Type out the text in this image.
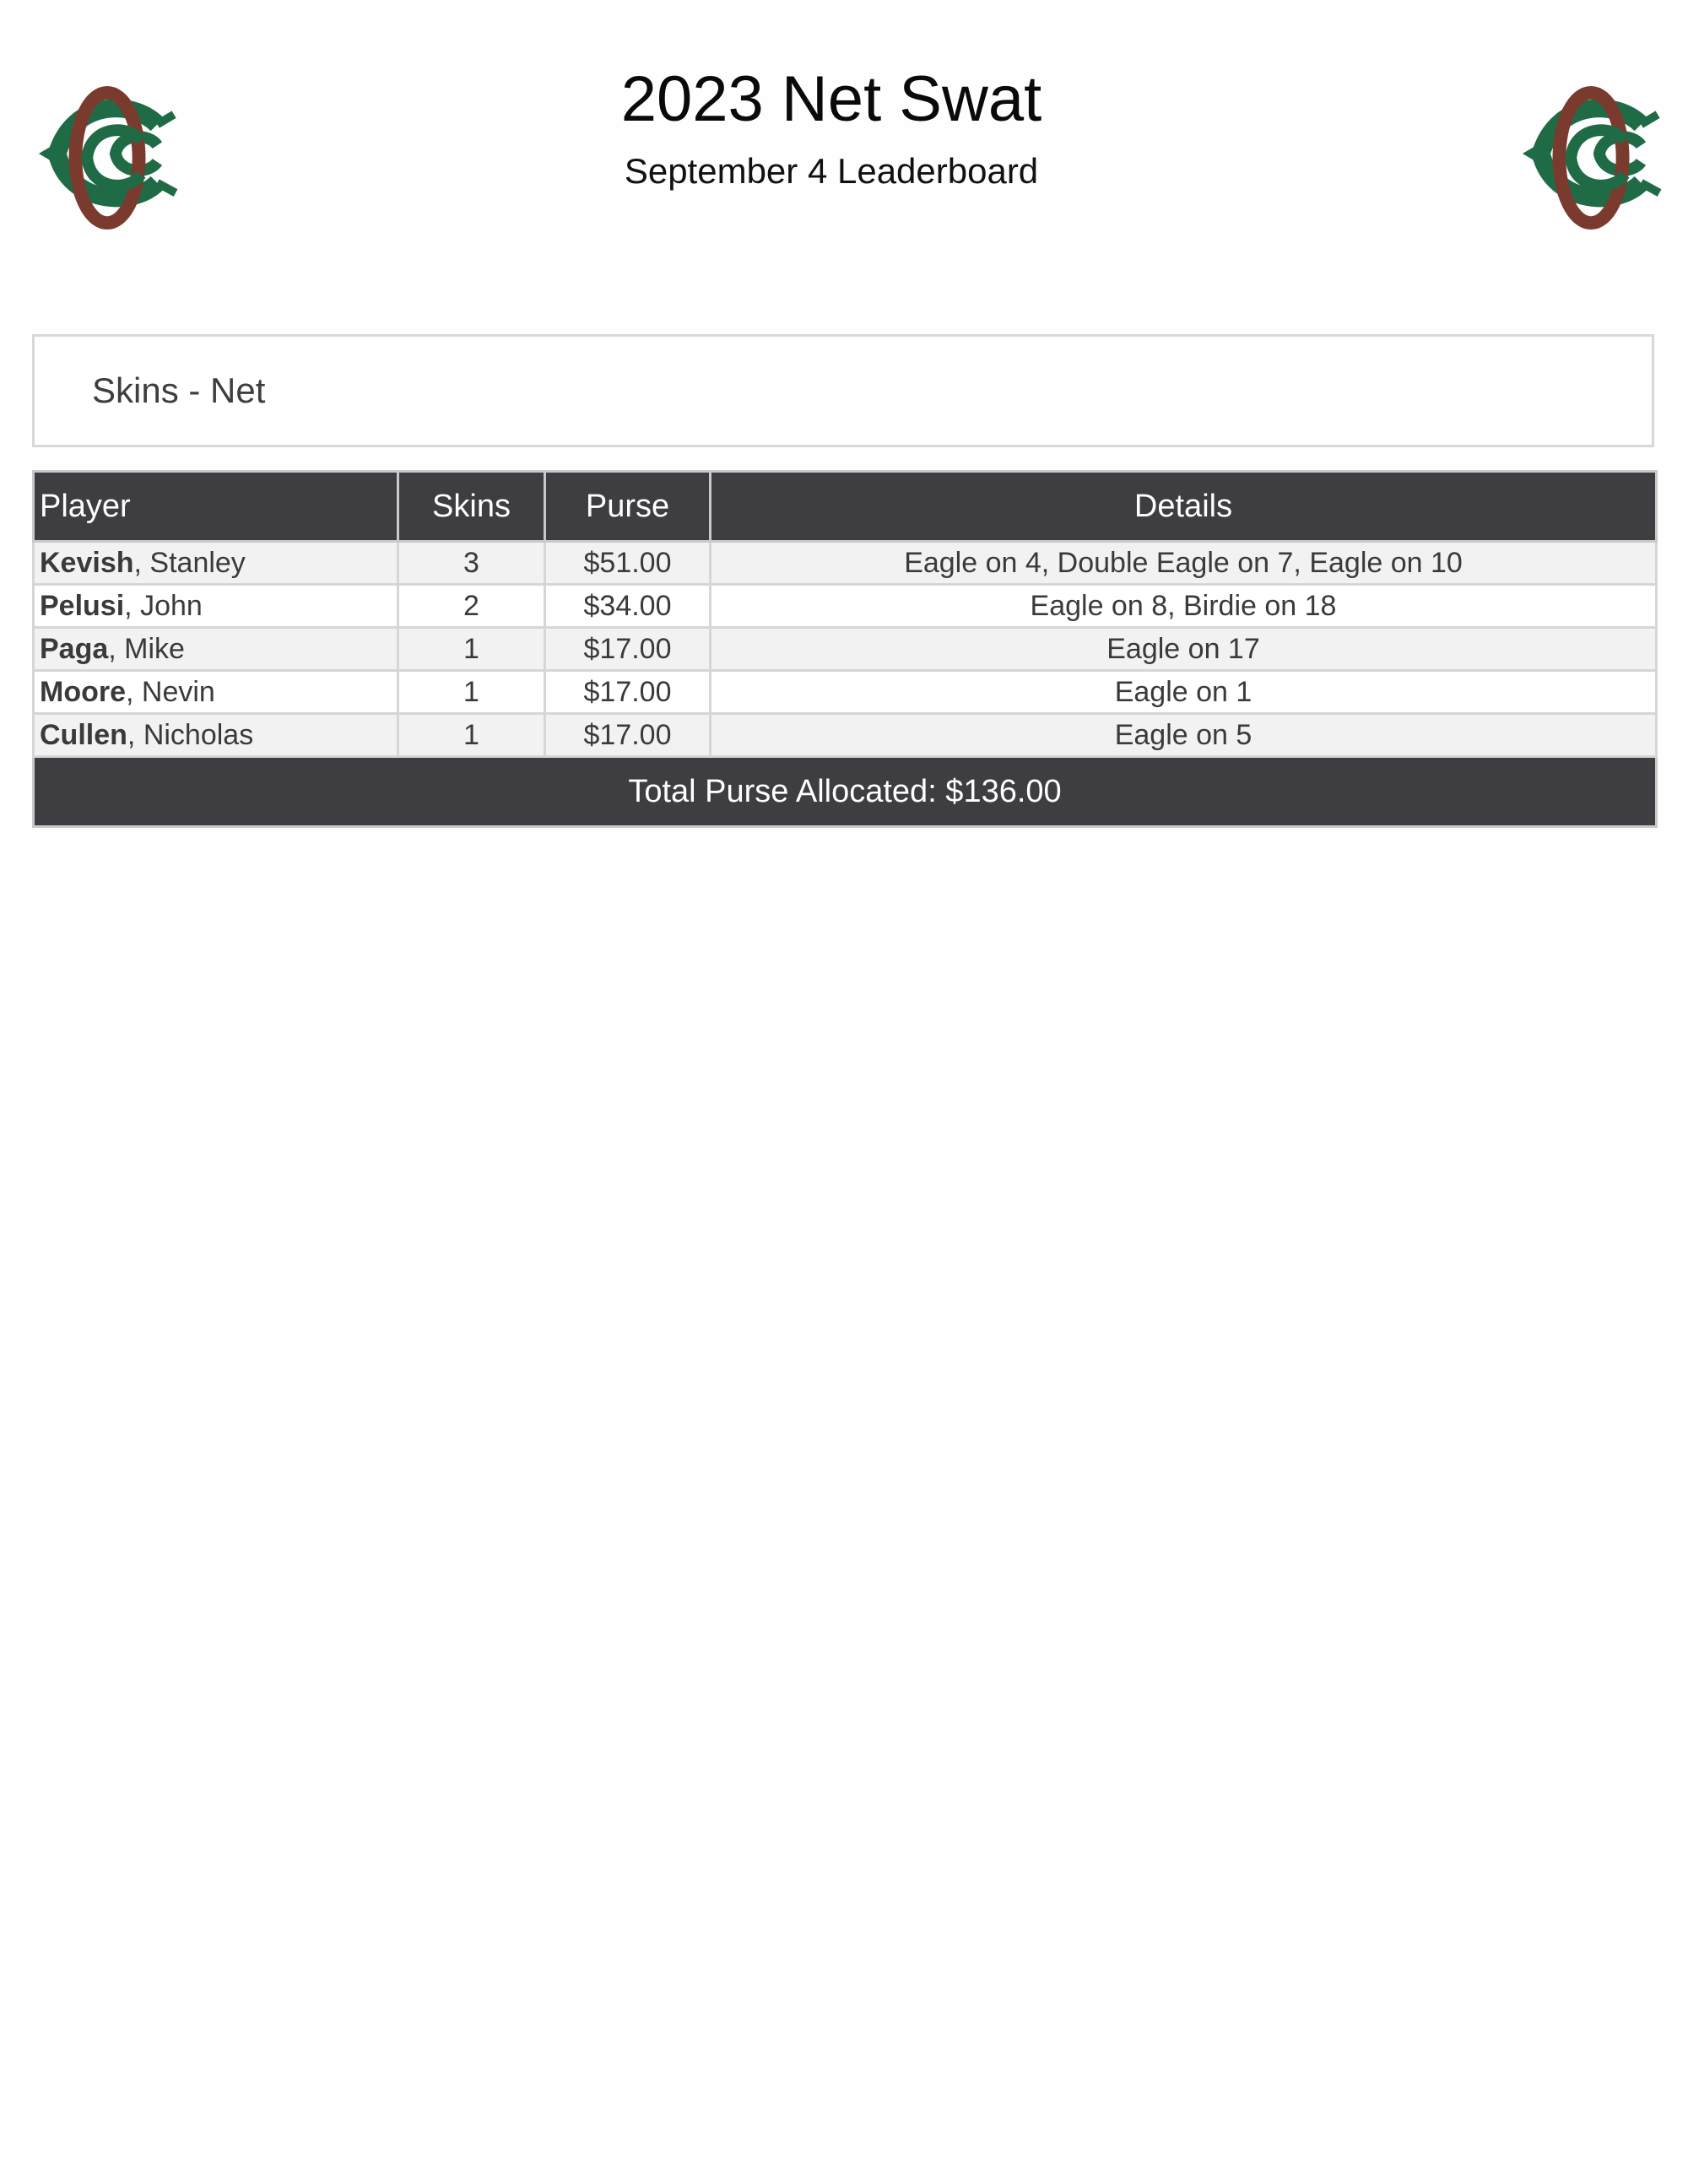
2023 Net Swat
September 4 Leaderboard
Skins - Net
Player	Skins	Purse	Details
Kevish, Stanley	3	$51.00	Eagle on 4, Double Eagle on 7, Eagle on 10
Pelusi, John	2	$34.00	Eagle on 8, Birdie on 18
Paga, Mike	1	$17.00	Eagle on 17
Moore, Nevin	1	$17.00	Eagle on 1
Cullen, Nicholas	1	$17.00	Eagle on 5
Total Purse Allocated: $136.00			
